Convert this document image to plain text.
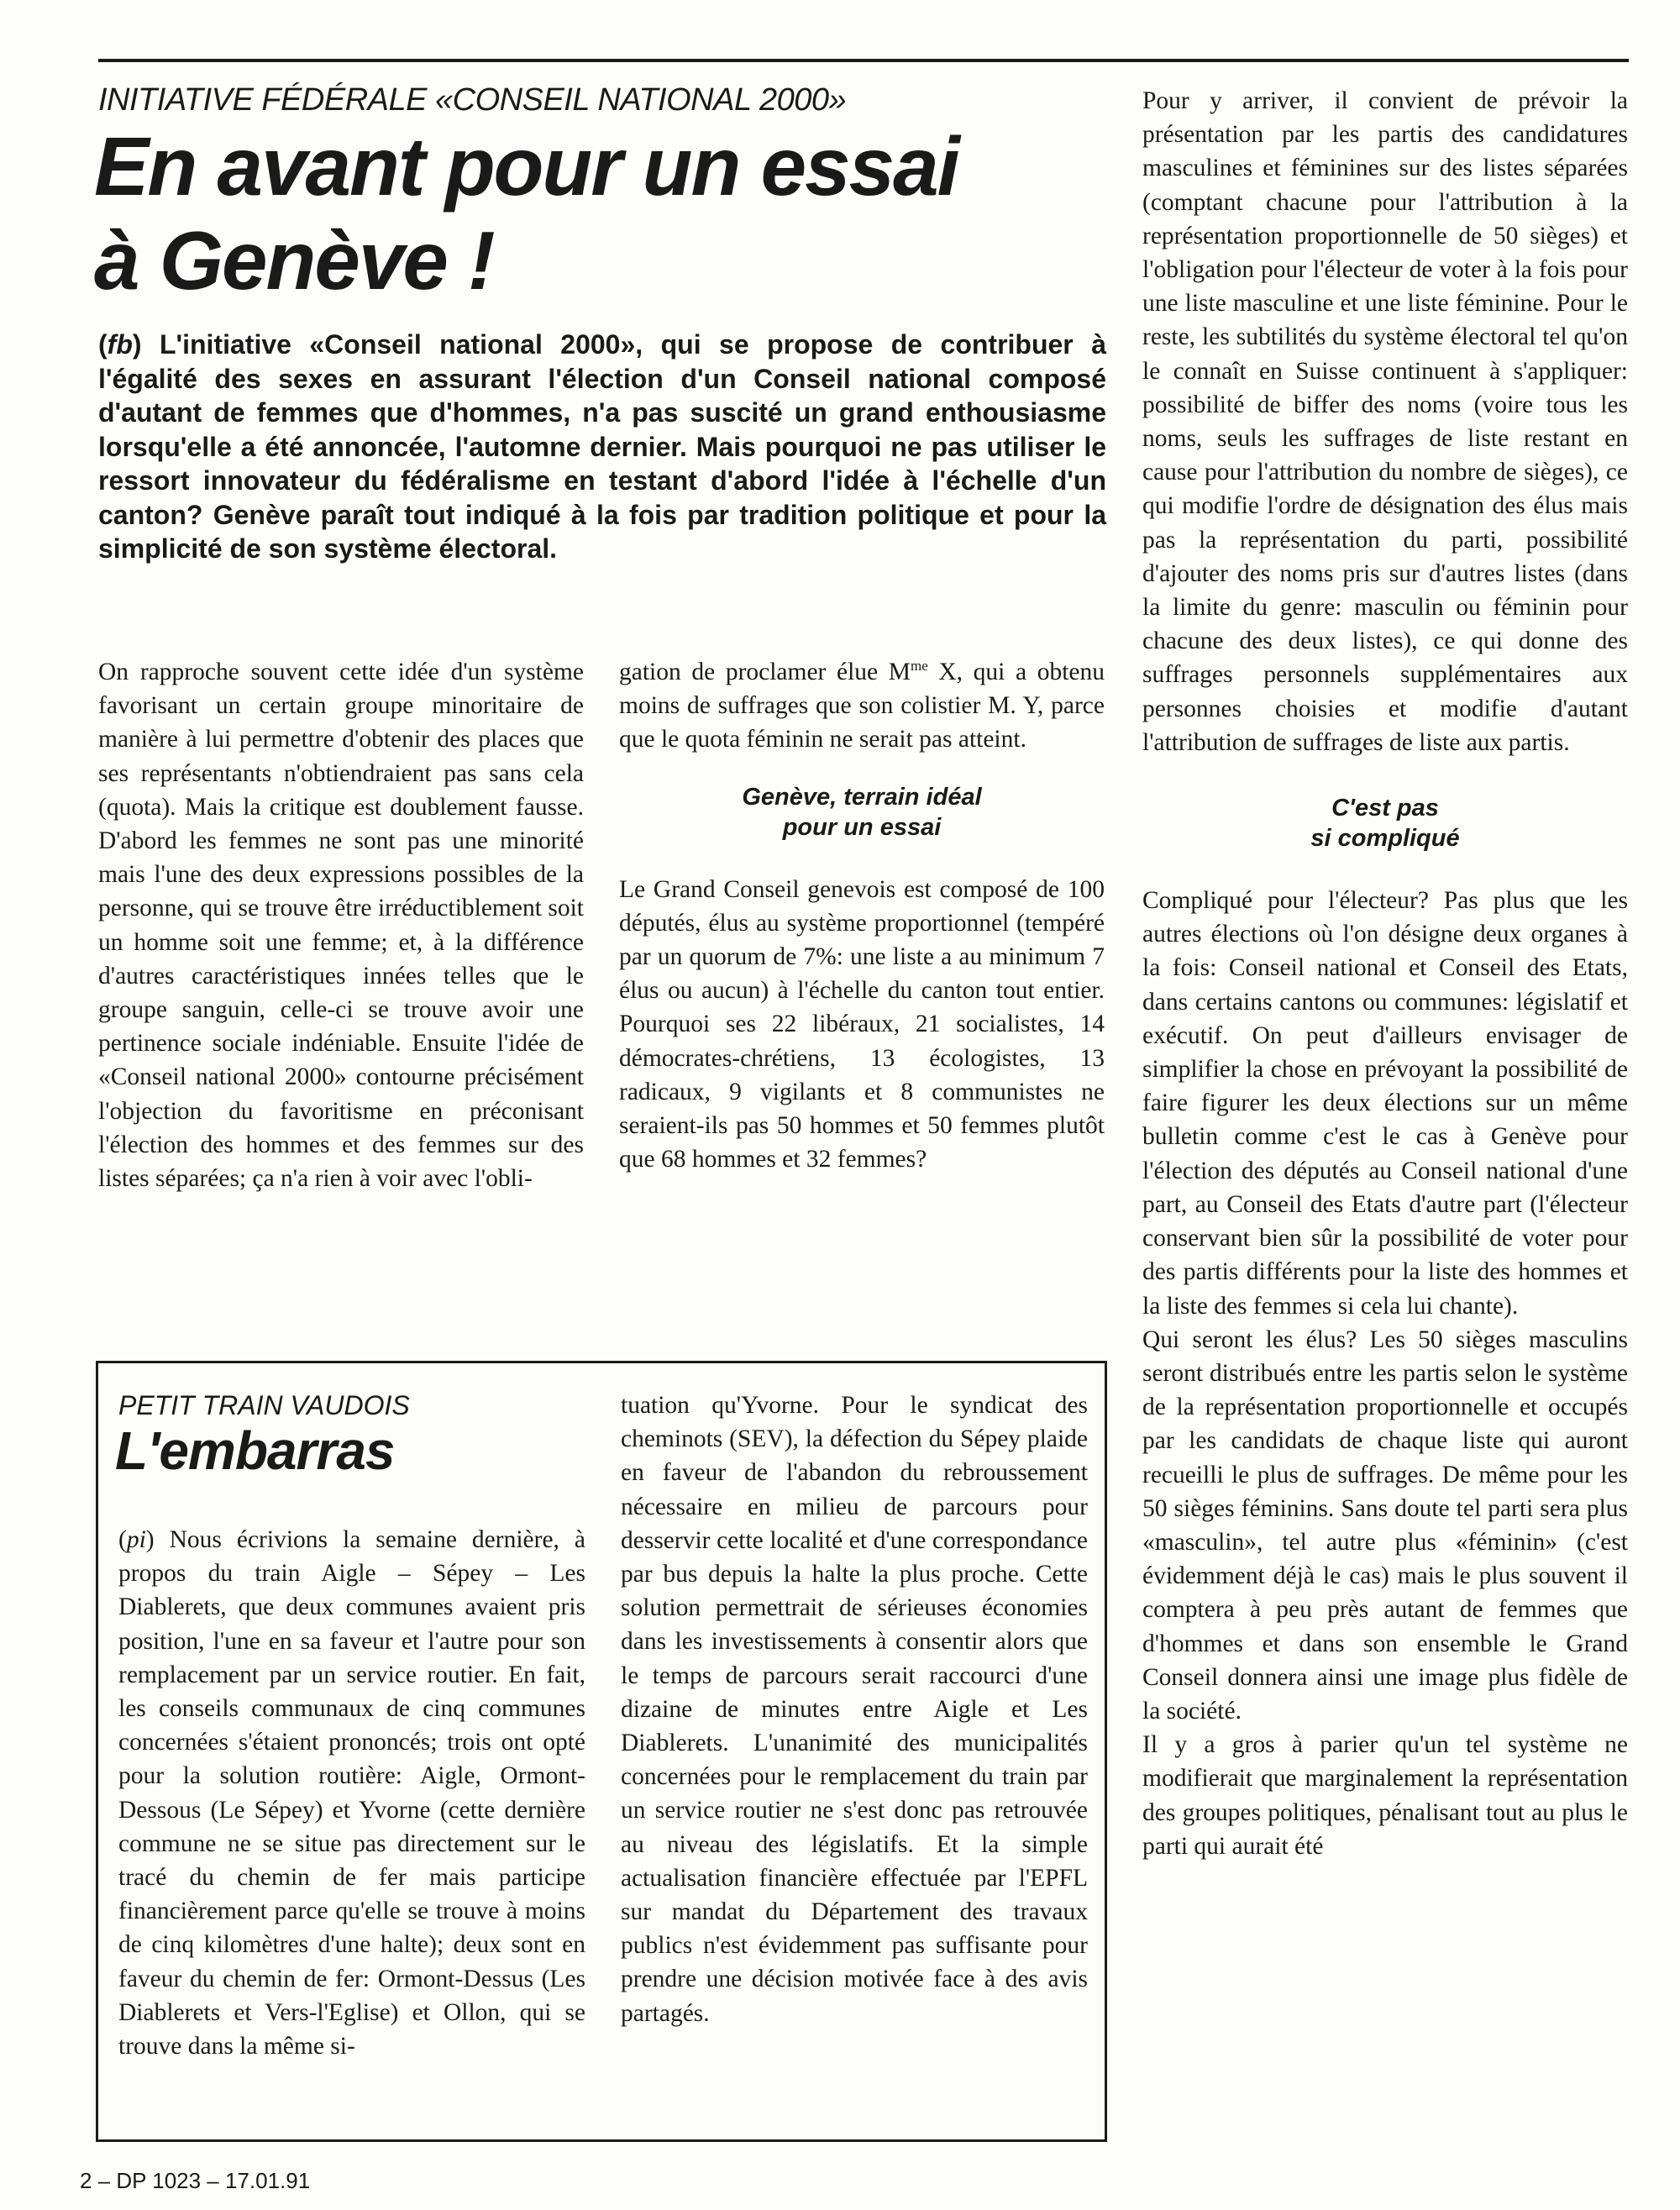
INITIATIVE FÉDÉRALE «CONSEIL NATIONAL 2000»
En avant pour un essai
à Genève !

(fb) L'initiative «Conseil national 2000», qui se propose de contribuer à l'égalité des sexes en assurant l'élection d'un Conseil national composé d'autant de femmes que d'hommes, n'a pas suscité un grand enthousiasme lorsqu'elle a été annoncée, l'automne dernier. Mais pourquoi ne pas utiliser le ressort innovateur du fédéralisme en testant d'abord l'idée à l'échelle d'un canton? Genève paraît tout indiqué à la fois par tradition politique et pour la simplicité de son système électoral.

On rapproche souvent cette idée d'un système favorisant un certain groupe minoritaire de manière à lui permettre d'obtenir des places que ses représentants n'obtiendraient pas sans cela (quota). Mais la critique est doublement fausse. D'abord les femmes ne sont pas une minorité mais l'une des deux expressions possibles de la personne, qui se trouve être irréductiblement soit un homme soit une femme; et, à la différence d'autres caractéristiques innées telles que le groupe sanguin, celle-ci se trouve avoir une pertinence sociale indéniable. Ensuite l'idée de «Conseil national 2000» contourne précisément l'objection du favoritisme en préconisant l'élection des hommes et des femmes sur des listes séparées; ça n'a rien à voir avec l'obli-

gation de proclamer élue $M^{me}$ X, qui a obtenu moins de suffrages que son colistier M. Y, parce que le quota féminin ne serait pas atteint.

Genève, terrain idéal
pour un essai

Le Grand Conseil genevois est composé de 100 députés, élus au système proportionnel (tempéré par un quorum de 7%: une liste a au minimum 7 élus ou aucun) à l'échelle du canton tout entier. Pourquoi ses 22 libéraux, 21 socialistes, 14 démocrates-chrétiens, 13 écologistes, 13 radicaux, 9 vigilants et 8 communistes ne seraient-ils pas 50 hommes et 50 femmes plutôt que 68 hommes et 32 femmes?

Pour y arriver, il convient de prévoir la présentation par les partis des candidatures masculines et féminines sur des listes séparées (comptant chacune pour l'attribution à la représentation proportionnelle de 50 sièges) et l'obligation pour l'électeur de voter à la fois pour une liste masculine et une liste féminine. Pour le reste, les subtilités du système électoral tel qu'on le connaît en Suisse continuent à s'appliquer: possibilité de biffer des noms (voire tous les noms, seuls les suffrages de liste restant en cause pour l'attribution du nombre de sièges), ce qui modifie l'ordre de désignation des élus mais pas la représentation du parti, possibilité d'ajouter des noms pris sur d'autres listes (dans la limite du genre: masculin ou féminin pour chacune des deux listes), ce qui donne des suffrages personnels supplémentaires aux personnes choisies et modifie d'autant l'attribution de suffrages de liste aux partis.

C'est pas
si compliqué

Compliqué pour l'électeur? Pas plus que les autres élections où l'on désigne deux organes à la fois: Conseil national et Conseil des Etats, dans certains cantons ou communes: législatif et exécutif. On peut d'ailleurs envisager de simplifier la chose en prévoyant la possibilité de faire figurer les deux élections sur un même bulletin comme c'est le cas à Genève pour l'élection des députés au Conseil national d'une part, au Conseil des Etats d'autre part (l'électeur conservant bien sûr la possibilité de voter pour des partis différents pour la liste des hommes et la liste des femmes si cela lui chante).

Qui seront les élus? Les 50 sièges masculins seront distribués entre les partis selon le système de la représentation proportionnelle et occupés par les candidats de chaque liste qui auront recueilli le plus de suffrages. De même pour les 50 sièges féminins. Sans doute tel parti sera plus «masculin», tel autre plus «féminin» (c'est évidemment déjà le cas) mais le plus souvent il comptera à peu près autant de femmes que d'hommes et dans son ensemble le Grand Conseil donnera ainsi une image plus fidèle de la société.

Il y a gros à parier qu'un tel système ne modifierait que marginalement la représentation des groupes politiques, pénalisant tout au plus le parti qui aurait été

PETIT TRAIN VAUDOIS
L'embarras

(pi) Nous écrivions la semaine dernière, à propos du train Aigle – Sépey – Les Diablerets, que deux communes avaient pris position, l'une en sa faveur et l'autre pour son remplacement par un service routier. En fait, les conseils communaux de cinq communes concernées s'étaient prononcés; trois ont opté pour la solution routière: Aigle, Ormont-Dessous (Le Sépey) et Yvorne (cette dernière commune ne se situe pas directement sur le tracé du chemin de fer mais participe financièrement parce qu'elle se trouve à moins de cinq kilomètres d'une halte); deux sont en faveur du chemin de fer: Ormont-Dessus (Les Diablerets et Vers-l'Eglise) et Ollon, qui se trouve dans la même si-

tuation qu'Yvorne. Pour le syndicat des cheminots (SEV), la défection du Sépey plaide en faveur de l'abandon du rebroussement nécessaire en milieu de parcours pour desservir cette localité et d'une correspondance par bus depuis la halte la plus proche. Cette solution permettrait de sérieuses économies dans les investissements à consentir alors que le temps de parcours serait raccourci d'une dizaine de minutes entre Aigle et Les Diablerets. L'unanimité des municipalités concernées pour le remplacement du train par un service routier ne s'est donc pas retrouvée au niveau des législatifs. Et la simple actualisation financière effectuée par l'EPFL sur mandat du Département des travaux publics n'est évidemment pas suffisante pour prendre une décision motivée face à des avis partagés.

2 – DP 1023 – 17.01.91
